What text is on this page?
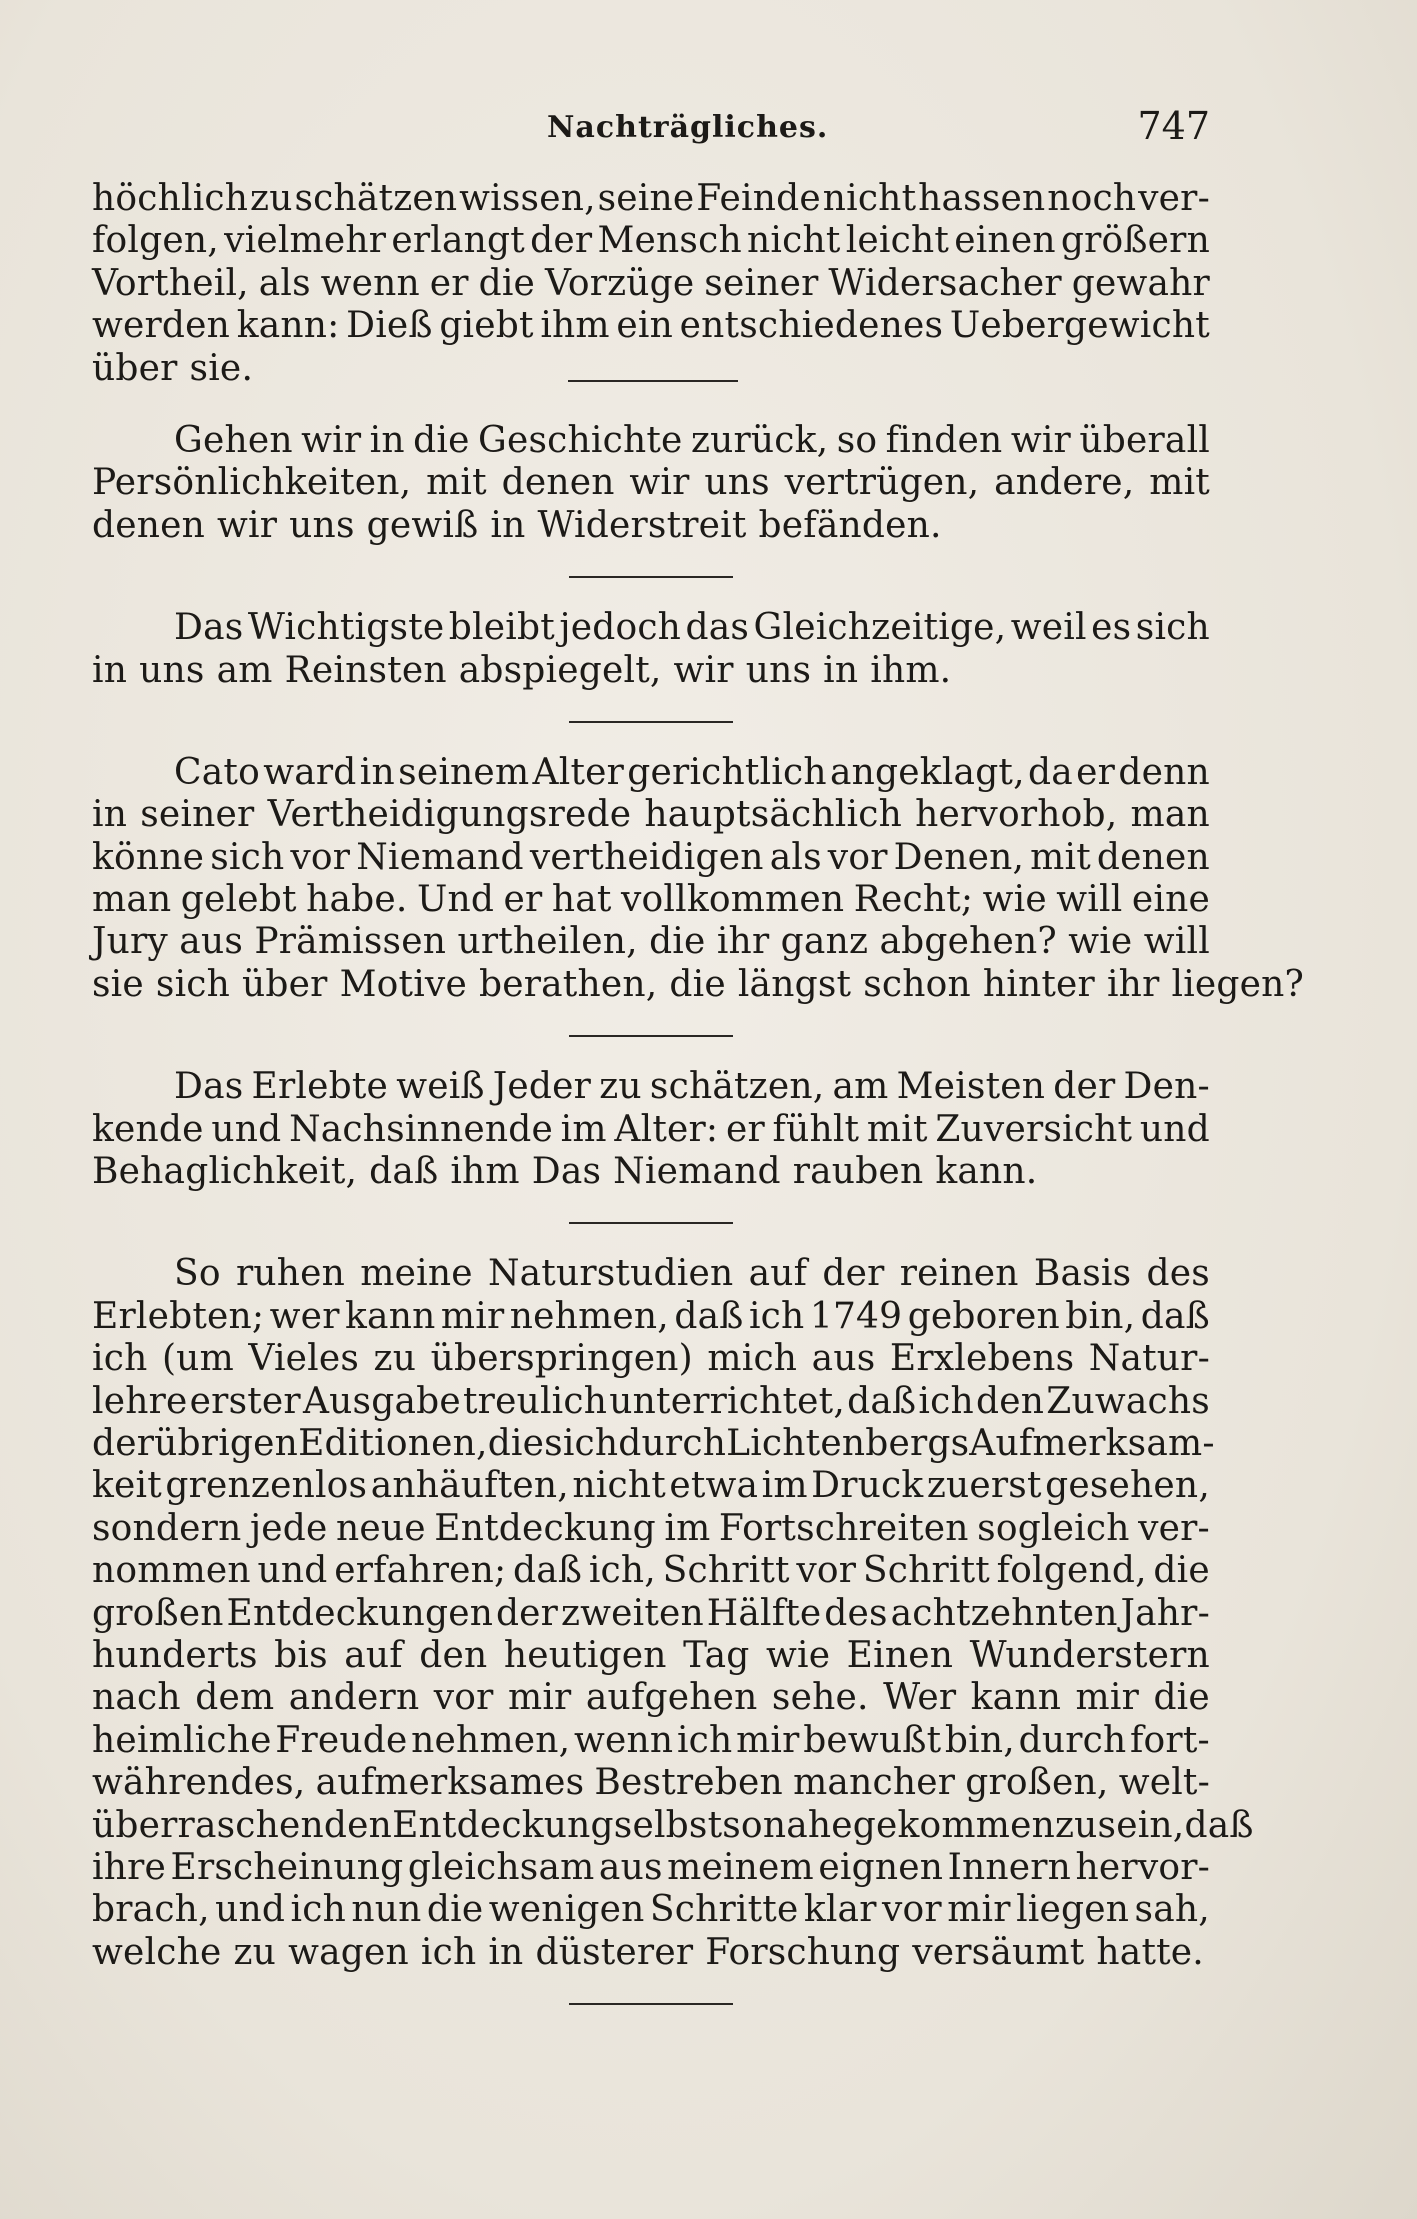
Nachträgliches.	747
höchlich zu schätzen wissen, seine Feinde nicht hassen noch ver-
folgen, vielmehr erlangt der Mensch nicht leicht einen größern
Vortheil, als wenn er die Vorzüge seiner Widersacher gewahr
werden kann: Dieß giebt ihm ein entschiedenes Uebergewicht
über sie.
Gehen wir in die Geschichte zurück, so finden wir überall
Persönlichkeiten, mit denen wir uns vertrügen, andere, mit
denen wir uns gewiß in Widerstreit befänden.
Das Wichtigste bleibt jedoch das Gleichzeitige, weil es sich
in uns am Reinsten abspiegelt, wir uns in ihm.
Cato ward in seinem Alter gerichtlich angeklagt, da er denn
in seiner Vertheidigungsrede hauptsächlich hervorhob, man
könne sich vor Niemand vertheidigen als vor Denen, mit denen
man gelebt habe. Und er hat vollkommen Recht; wie will eine
Jury aus Prämissen urtheilen, die ihr ganz abgehen? wie will
sie sich über Motive berathen, die längst schon hinter ihr liegen?
Das Erlebte weiß Jeder zu schätzen, am Meisten der Den-
kende und Nachsinnende im Alter: er fühlt mit Zuversicht und
Behaglichkeit, daß ihm Das Niemand rauben kann.
So ruhen meine Naturstudien auf der reinen Basis des
Erlebten; wer kann mir nehmen, daß ich 1749 geboren bin, daß
ich (um Vieles zu überspringen) mich aus Erxlebens Natur-
lehre erster Ausgabe treulich unterrichtet, daß ich den Zuwachs
der übrigen Editionen, die sich durch Lichtenbergs Aufmerksam-
keit grenzenlos anhäuften, nicht etwa im Druck zuerst gesehen,
sondern jede neue Entdeckung im Fortschreiten sogleich ver-
nommen und erfahren; daß ich, Schritt vor Schritt folgend, die
großen Entdeckungen der zweiten Hälfte des achtzehnten Jahr-
hunderts bis auf den heutigen Tag wie Einen Wunderstern
nach dem andern vor mir aufgehen sehe. Wer kann mir die
heimliche Freude nehmen, wenn ich mir bewußt bin, durch fort-
währendes, aufmerksames Bestreben mancher großen, welt-
überraschenden Entdeckung selbst so nahe gekommen zu sein, daß
ihre Erscheinung gleichsam aus meinem eignen Innern hervor-
brach, und ich nun die wenigen Schritte klar vor mir liegen sah,
welche zu wagen ich in düsterer Forschung versäumt hatte.
